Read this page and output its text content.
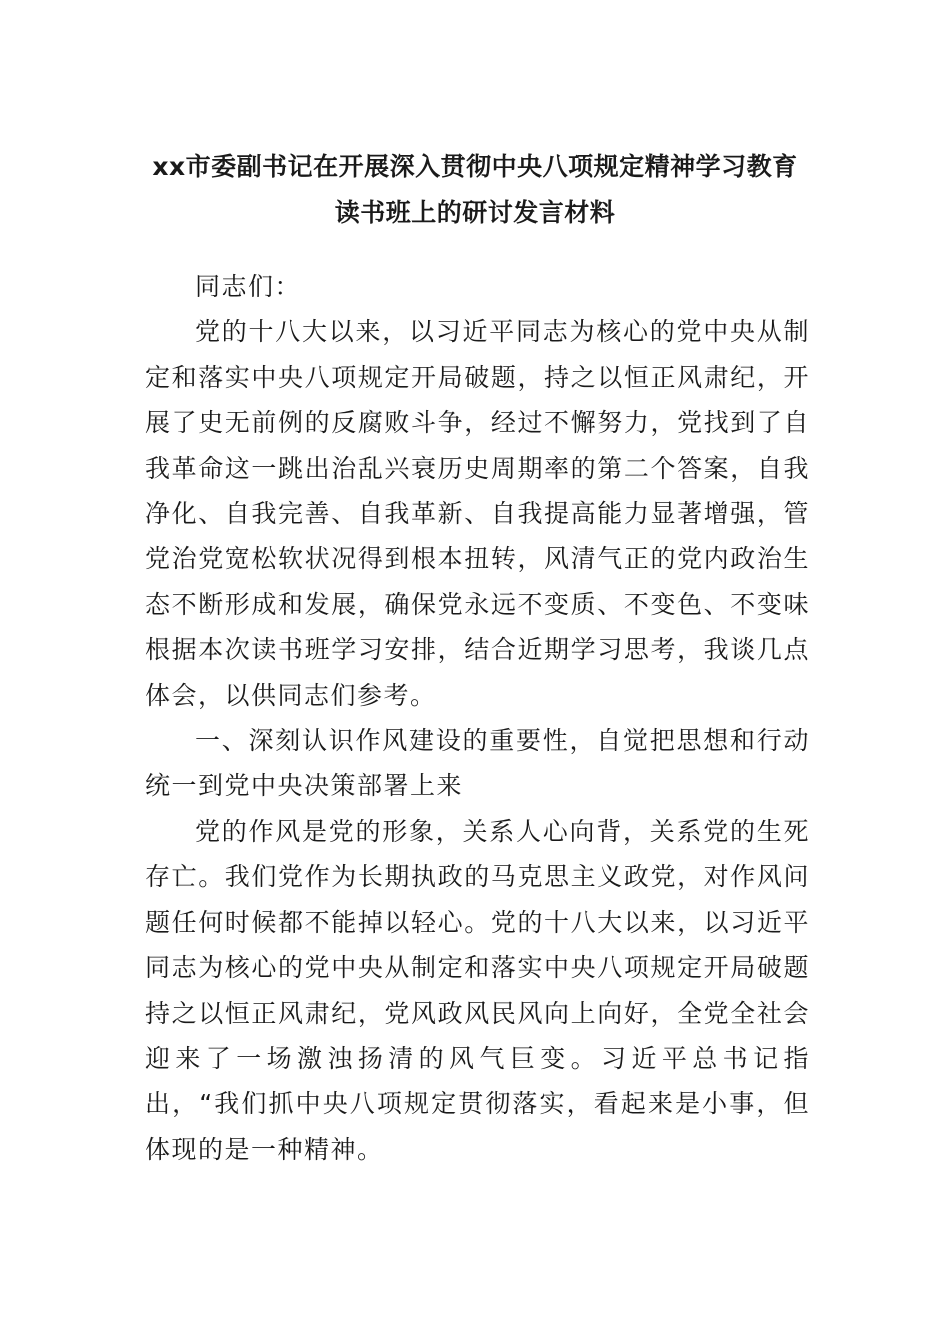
xx市委副书记在开展深入贯彻中央八项规定精神学习教育
读书班上的研讨发言材料

同志们：

党的十八大以来，以习近平同志为核心的党中央从制定和落实中央八项规定开局破题，持之以恒正风肃纪，开展了史无前例的反腐败斗争，经过不懈努力，党找到了自我革命这一跳出治乱兴衰历史周期率的第二个答案，自我净化、自我完善、自我革新、自我提高能力显著增强，管党治党宽松软状况得到根本扭转，风清气正的党内政治生态不断形成和发展，确保党永远不变质、不变色、不变味根据本次读书班学习安排，结合近期学习思考，我谈几点体会，以供同志们参考。

一、深刻认识作风建设的重要性，自觉把思想和行动统一到党中央决策部署上来

党的作风是党的形象，关系人心向背，关系党的生死存亡。我们党作为长期执政的马克思主义政党，对作风问题任何时候都不能掉以轻心。党的十八大以来，以习近平同志为核心的党中央从制定和落实中央八项规定开局破题持之以恒正风肃纪，党风政风民风向上向好，全党全社会迎来了一场激浊扬清的风气巨变。习近平总书记指出，“我们抓中央八项规定贯彻落实，看起来是小事，但体现的是一种精神。
